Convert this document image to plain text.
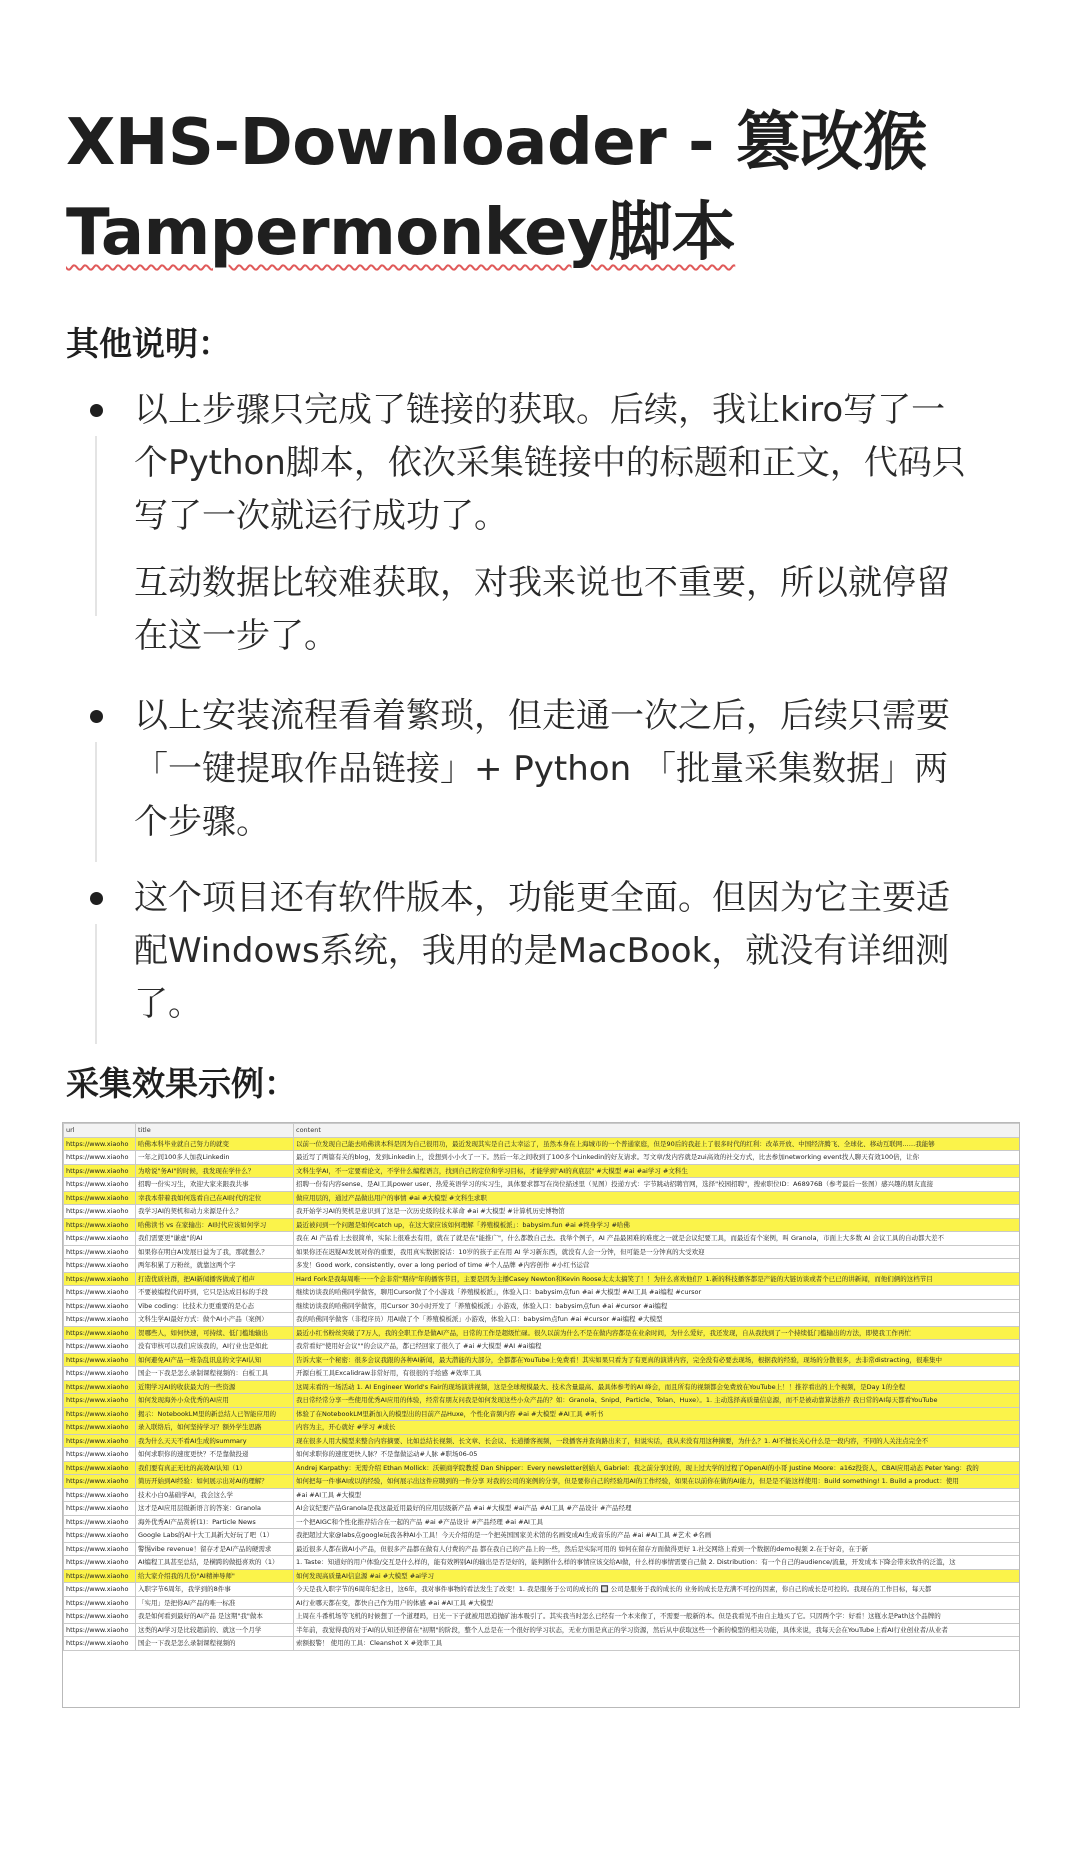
XHS-Downloader - 篡改猴
Tampermonkey脚本
其他说明：

以上步骤只完成了链接的获取。后续，我让kiro写了一
个Python脚本，依次采集链接中的标题和正文，代码只
写了一次就运行成功了。

互动数据比较难获取，对我来说也不重要，所以就停留
在这一步了。

以上安装流程看着繁琐，但走通一次之后，后续只需要
「一键提取作品链接」+ Python 「批量采集数据」两
个步骤。

这个项目还有软件版本，功能更全面。但因为它主要适
配Windows系统，我用的是MacBook，就没有详细测
了。

采集效果示例：
url	title	content
https://www.xiaoho	哈佛本科毕业就自己努力的就变	以前一位发现自己能去哈佛读本科是因为自己很用功，最近发现其实是自己太幸运了，虽然本身在上海城市的一个普通家庭，但是90后的我赶上了很多时代的红利：改革开放、中国经济腾飞、全球化、移动互联网……我能够
https://www.xiaoho	一年之间100多人加我Linkedin	最近写了两篇有关的blog，发到Linkedin上，没想到小小火了一下。然后一年之间收到了100多个Linkedin的好友请求。写文章/发内容就是zui高效的社交方式，比去参加networking event找人聊天有效100倍，让你
https://www.xiaoho	为啥说"务AI"的时候，我发现在学什么？	文科生学AI，不一定要看论文，不学什么编程语言，找到自己的定位和学习目标，才能学到"AI的真底层" #大模型 #ai #ai学习 #文科生
https://www.xiaoho	招聘一份实习生，欢迎大家来跟我共事	招聘一份有内容sense、是AI工具power user、热爱英语学习的实习生，具体要求都写在岗位描述里（见图）投递方式：字节跳动招聘官网，选择"校园招聘"，搜索职位ID：A68976B（参考最后一张图）感兴趣的朋友直接
https://www.xiaoho	幸我本带着我如何选看自己在AI时代的定位	做应用层的，通过产品做出用户的事情 #ai #大模型 #文科生求职
https://www.xiaoho	我学习AI的契机和动力来源是什么？	我开始学习AI的契机是意识到了这是一次历史级的技术革命 #ai #大模型 #计算机历史博物馆
https://www.xiaoho	哈佛读书 vs 在家输出：AI时代应该如何学习	最近被问到一个问题是如何catch up，在这大家应该如何理解「养殖模板派」：babysim.fun #ai #终身学习 #哈佛
https://www.xiaoho	我们需要更"谦虚"的AI	我在 AI 产品看上去很简单，实际上很难去有用，就在了就是在"能推广"，什么都教自己去。我举个例子，AI 产品最困难的难度之一就是会议纪要工具，而最近有个案例，叫 Granola，市面上大多数 AI 会议工具的自动都大差不
https://www.xiaoho	如果你在明白AI发展日益为了我，那就想么？	如果你还在迟疑AI发展对你的重要，我用真实数据说话：10岁的孩子正在用 AI 学习新东西，就没有人会一分钟，但可能是一分钟真的大受欢迎
https://www.xiaoho	两年积累了万粉丝，就靠这两个字	多发！Good work, consistently, over a long period of time #个人品牌 #内容创作 #小红书运营
https://www.xiaoho	打造优质社群，把AI新闻播客做成了相声	Hard Fork是我每周唯一一个会非常"期待"年的播客节目，主要是因为主播Casey Newton和Kevin Roose太太太搞笑了！！为什么喜欢他们？1.新的科技播客都是产能的大链访谈或者个已已的讲新闻，而他们俩的这档节目
https://www.xiaoho	不要被编程代码吓到，它只是达成目标的手段	继续访谈我的哈佛同学做客，聊用Cursor做了个小游戏「养殖模板派」，体验入口：babysim点fun #ai #大模型 #AI工具 #ai编程 #cursor
https://www.xiaoho	Vibe coding：比技术力更重要的是心态	继续访谈我的哈佛同学做客，用Cursor 30小时开发了「养殖模板派」小游戏，体验入口：babysim点fun #ai #cursor #ai编程
https://www.xiaoho	文科生学AI最好方式：做个AI小产品（案例）	我的哈佛同学做客（非程序员）用AI做了个「养殖模板派」小游戏，体验入口：babysim点fun #ai #cursor #ai编程 #大模型
https://www.xiaoho	贺哪些人，如何快速，可持续、低门槛地输出	最近小红书粉丝突破了7万人，我的全职工作是做AI产品，日常的工作是超级忙碌。很久以前为什么不是在做内容都是在业余时间，为什么爱好，我还发现，自从我找到了一个持续低门槛输出的方法，即使我工作再忙
https://www.xiaoho	没有审核可以我们应该我的，AI行业也是如此	我常看好"使用好会议""的会议产品，都已经回家了很久了 #ai #大模型 #AI #ai编程
https://www.xiaoho	如何避免AI产品一堆杂乱讯息的文字AI认知	告诉大家一个秘密：很多会议我跟的各种AI新闻，最大潜能的大部分，全都都在YouTube上免费看！其实如果只看为了有更真的演讲内容，完全没有必要去现场，根据我的经验，现场的分散很多，去非常distracting，很难集中
https://www.xiaoho	国企一下我是怎么录制课程视频的：白板工具	开源白板工具Excalidraw非常好用，有很很的手绘感 #效率工具
https://www.xiaoho	近期学习AI的收获最大的一些资源	这周末看的一场活动 1. AI Engineer World's Fair的现场演讲视频，这是全球规模最大、技术含量最高、最具体参考的AI 峰会，而且所有的视频都会免费放在YouTube上！！推荐看出的上个视频，是Day 1的全程
https://www.xiaoho	如何发现海外小众优秀的AI应用	我日常经常分享一些使用优秀AI应用的体验，经常有朋友问我是如何发现这些小众产品的？如：Granola、Snipd、Particle、Tolan、Huxe）。1. 主动选择高质量信息源，而不是被动靠算法推荐 我日常的AI每天都看YouTube
https://www.xiaoho	揭示：NotebookLM里的新总结人已智能应用的	体验了在NotebookLM里新加入的模型出的目前产品Huxe，个性化音频内容 #ai #大模型 #AI工具 #听书
https://www.xiaoho	录入联络后，如何坚持学习？额外学生思路	内容为主，开心就好 #学习 #成长
https://www.xiaoho	我为什么天天不看AI生成的summary	现在很多人用大模型来整合内容摘要、比如总结长视频、长文章、长会议、长道播客视频，一段播客并查询路出来了，但说实话，我从来没有用这种摘要，为什么？1. AI不擅长关心什么是一段内容，不同的人关注点完全不
https://www.xiaoho	如何求职你的速度更快？不是靠做投递	如何求职你的速度更快人脉？不是靠做运动#人脉 #职场06-05
https://www.xiaoho	我们要有真正无比的高效AI认知（1）	Andrej Karpathy：无需介绍 Ethan Mollick：沃顿商学院教授 Dan Shipper：Every newsletter创始人 Gabriel：我之前分享过的，现上过大学的过程了OpenAI的小哥 Justine Moore：a16z投资人，CBAI应用动态 Peter Yang：我的
https://www.xiaoho	简历开始到AI经验：如何展示出对AI的理解？	如何把每一件事AI或以的经验，如何展示出这件应聘到的一件分享 对我的公司的案例的分享，但是要你自己的经验用AI的工作经验，如果在以前你在做的AI能力，但是是不能这样使用：Build something! 1. Build a product：使用
https://www.xiaoho	技术小白0基础学AI，我会这么学	#ai #AI工具 #大模型
https://www.xiaoho	这才是AI应用层级新语言的答案：Granola	AI会议纪要产品Granola是我这最近用最好的应用层级新产品 #ai #大模型 #ai产品 #AI工具 #产品设计 #产品经理
https://www.xiaoho	海外优秀AI产品赏析(1)：Particle News	一个把AIGC和个性化推荐结合在一起的产品 #ai #产品设计 #产品经理 #ai #AI工具
https://www.xiaoho	Google Labs的AI十大工具新大好玩了吧（1）	我把超过大家@labs点google玩我各种AI小工具！今天介绍的是一个把英国国家美术馆的名画变成AI生成音乐的产品 #ai #AI工具 #艺术 #名画
https://www.xiaoho	警惕vibe revenue！留存才是AI产品的硬需求	最近很多人都在做AI小产品，但很多产品都在做有人付费的产品 都在我自己的产品上的一些，然后是实际可用的 如何在留存方面做得更好 1.社交网络上看到一个数据的demo视频 2.在于好奇，在于新
https://www.xiaoho	AI编程工具甚至总结，是横跨的做挺喜欢的（1）	1. Taste：知道好的用户体验/交互是什么样的，能有效辨别AI的输出是否是好的，能判断什么样的事情应该交给AI做，什么样的事情需要自己做 2. Distribution：有一个自己的audience/流量，开发成本下降会带来软件的泛滥，这
https://www.xiaoho	给大家介绍我的几份"AI精神导师"	如何发现高质量AI信息源 #ai #大模型 #ai学习
https://www.xiaoho	入职字节6周年，我学到的8件事	今天是我入职字节的6周年纪念日，这6年，我对事件事物的看法发生了改变！1. 我是服务于公司的成长的 🔲 公司是服务于我的成长的 业务的成长是充满不可控的因素，你自己的成长是可控的。我现在的工作目标，每天都
https://www.xiaoho	「实用」是把你AI产品的唯一标准	AI行业哪天都在变，都快自己作为用户的体感 #ai #AI工具 #大模型
https://www.xiaoho	我是如何看到最好的AI产品 是这期"我"做本	上周在斗番机场等飞机的时候想了一个道理吗，日光一下子就被用思追抛矿油本吸引了。其实我当时怎么已经有一个本来像了，不需要一般新的本。但是我看见不由自主地买了它。只因两个字：好看！这瓶水是Path这个品牌的
https://www.xiaoho	这类的AI学习是比较超前的、就这一个月学	半年前，我觉得我的对于AI的认知还停留在"初期"的阶段，整个人总是在一个很好的学习状态，无业方面是真正的学习资源，然后从中获取这些一个新的模型的相关功能，具体来说，我每天会在YouTube上看AI行业创业者/从业者
https://www.xiaoho	国企一下我是怎么录制课程视频的	索额报警！ 使用的工具：Cleanshot X #效率工具
